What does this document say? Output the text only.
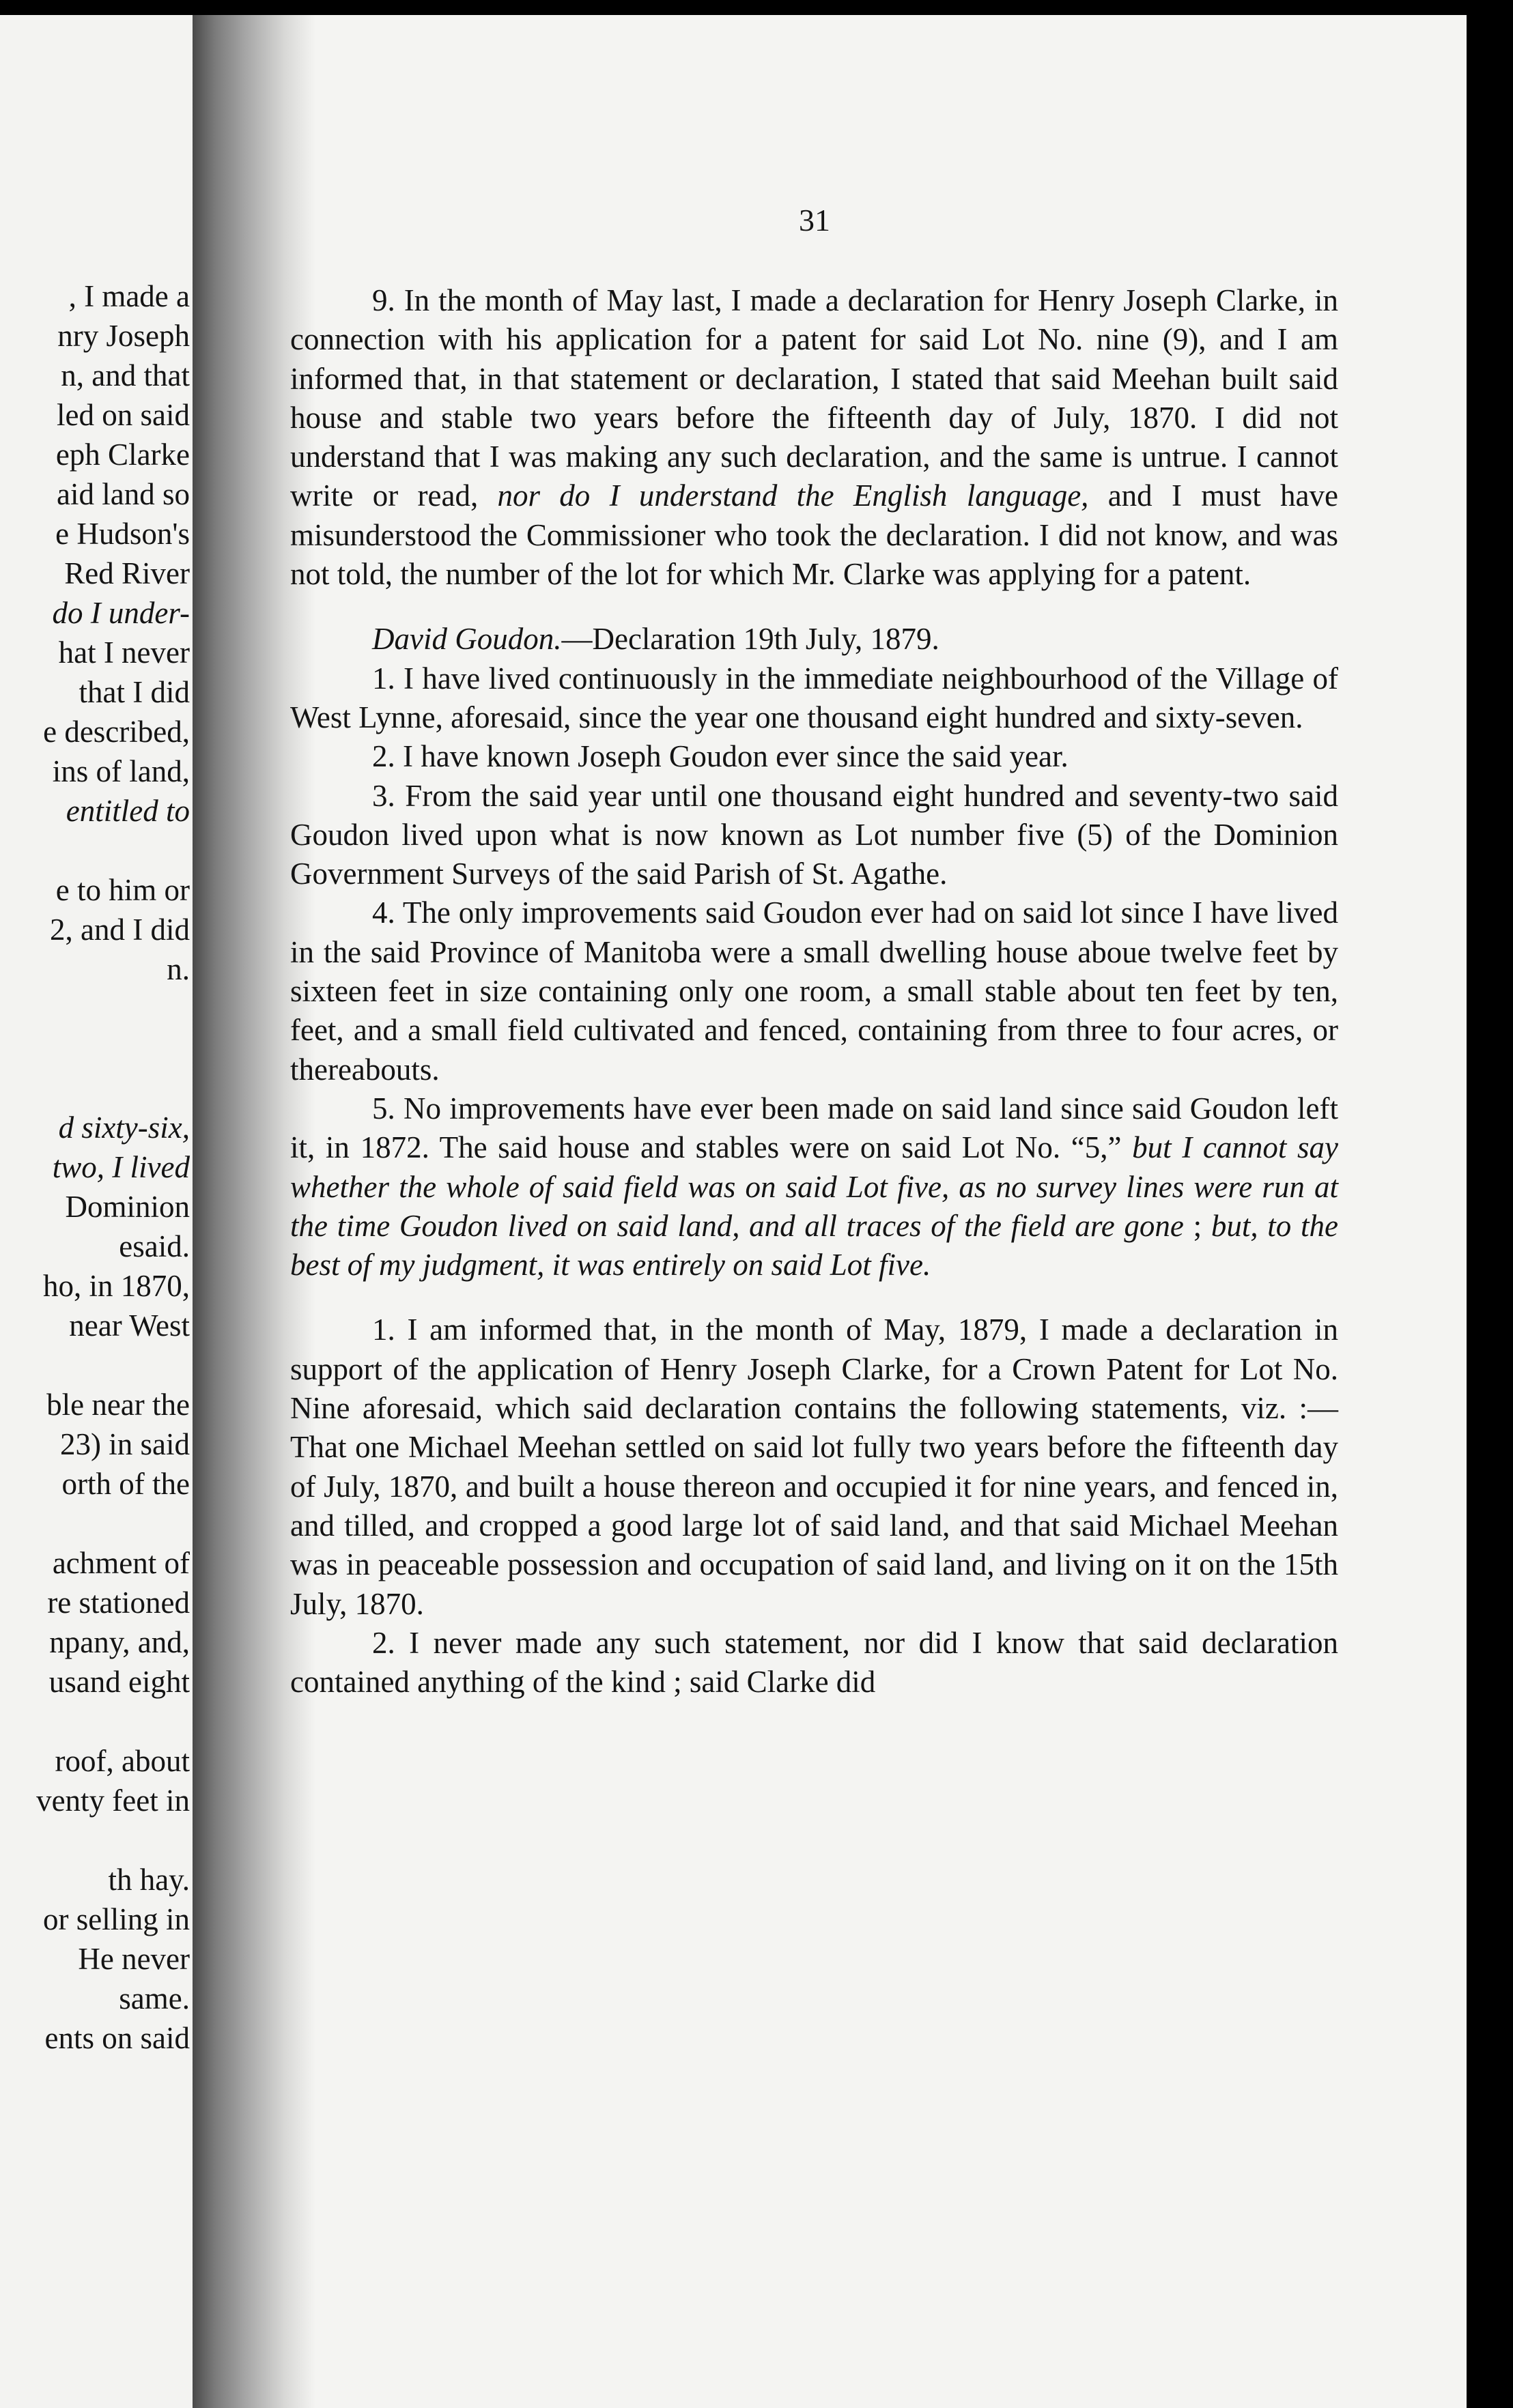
, I made a

nry Joseph

n, and that

led on said

eph Clarke

aid land so

e Hudson's

Red River

do I under-

hat I never

that I did

e described,

ins of land,

entitled to

e to him or

2, and I did

n.

d sixty-six,

two, I lived

Dominion

esaid.

ho, in 1870,

near West

ble near the

23) in said

orth of the

achment of

re stationed

npany, and,

usand eight

roof, about

venty feet in

th hay.

or selling in

He never

same.

ents on said

31

9. In the month of May last, I made a declaration for Henry Joseph Clarke, in connection with his application for a patent for said Lot No. nine (9), and I am informed that, in that statement or declaration, I stated that said Meehan built said house and stable two years before the fifteenth day of July, 1870. I did not understand that I was making any such declaration, and the same is untrue. I cannot write or read, nor do I understand the English language, and I must have misunderstood the Commissioner who took the declaration. I did not know, and was not told, the number of the lot for which Mr. Clarke was applying for a patent.

David Goudon.—Declaration 19th July, 1879.

1. I have lived continuously in the immediate neighbourhood of the Village of West Lynne, aforesaid, since the year one thousand eight hundred and sixty-seven.

2. I have known Joseph Goudon ever since the said year.

3. From the said year until one thousand eight hundred and seventy-two said Goudon lived upon what is now known as Lot number five (5) of the Dominion Government Surveys of the said Parish of St. Agathe.

4. The only improvements said Goudon ever had on said lot since I have lived in the said Province of Manitoba were a small dwelling house aboue twelve feet by sixteen feet in size containing only one room, a small stable about ten feet by ten, feet, and a small field cultivated and fenced, containing from three to four acres, or thereabouts.

5. No improvements have ever been made on said land since said Goudon left it, in 1872. The said house and stables were on said Lot No. “5,” but I cannot say whether the whole of said field was on said Lot five, as no survey lines were run at the time Goudon lived on said land, and all traces of the field are gone ; but, to the best of my judgment, it was entirely on said Lot five.

1. I am informed that, in the month of May, 1879, I made a declaration in support of the application of Henry Joseph Clarke, for a Crown Patent for Lot No. Nine aforesaid, which said declaration contains the following statements, viz. :—That one Michael Meehan settled on said lot fully two years before the fifteenth day of July, 1870, and built a house thereon and occupied it for nine years, and fenced in, and tilled, and cropped a good large lot of said land, and that said Michael Meehan was in peaceable possession and occupation of said land, and living on it on the 15th July, 1870.

2. I never made any such statement, nor did I know that said declaration contained anything of the kind ; said Clarke did
